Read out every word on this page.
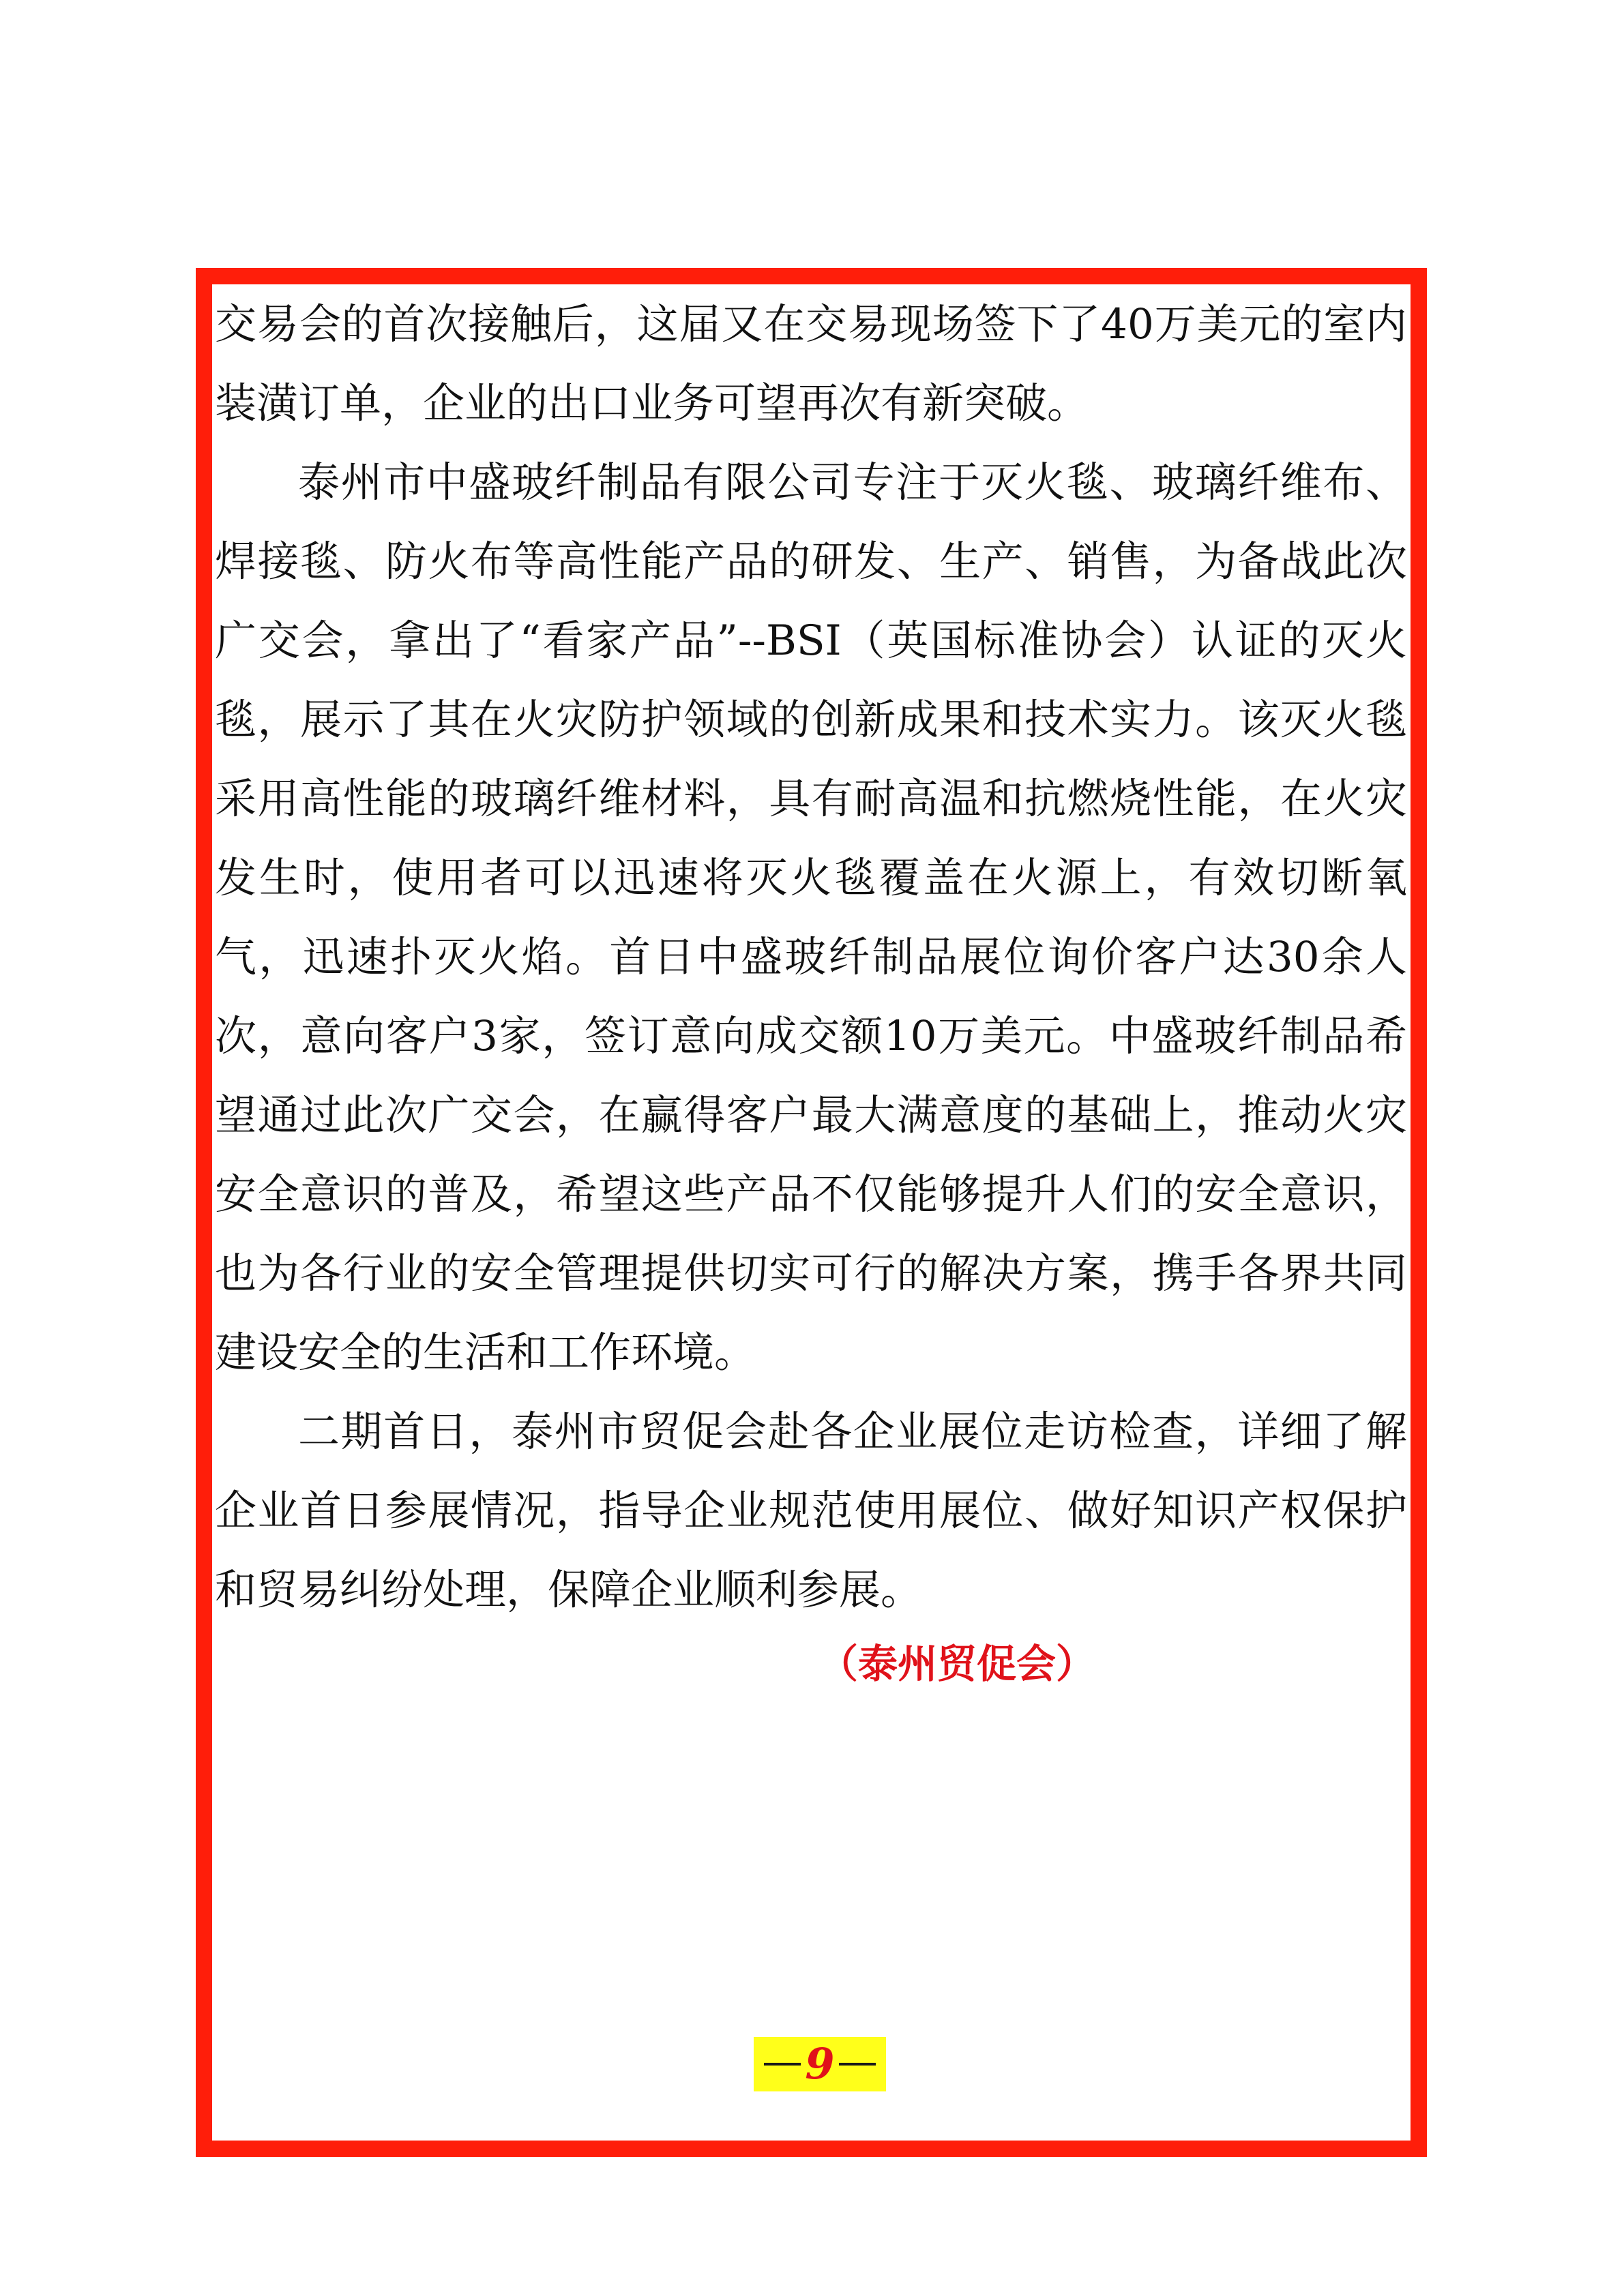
交易会的首次接触后，这届又在交易现场签下了40万美元的室内装潢订单，企业的出口业务可望再次有新突破。

泰州市中盛玻纤制品有限公司专注于灭火毯、玻璃纤维布、焊接毯、防火布等高性能产品的研发、生产、销售，为备战此次广交会，拿出了“看家产品”--BSI（英国标准协会）认证的灭火毯，展示了其在火灾防护领域的创新成果和技术实力。该灭火毯采用高性能的玻璃纤维材料，具有耐高温和抗燃烧性能，在火灾发生时，使用者可以迅速将灭火毯覆盖在火源上，有效切断氧气，迅速扑灭火焰。首日中盛玻纤制品展位询价客户达30余人次，意向客户3家，签订意向成交额10万美元。中盛玻纤制品希望通过此次广交会，在赢得客户最大满意度的基础上，推动火灾安全意识的普及，希望这些产品不仅能够提升人们的安全意识，也为各行业的安全管理提供切实可行的解决方案，携手各界共同建设安全的生活和工作环境。

二期首日，泰州市贸促会赴各企业展位走访检查，详细了解企业首日参展情况，指导企业规范使用展位、做好知识产权保护和贸易纠纷处理，保障企业顺利参展。

（泰州贸促会）
9
